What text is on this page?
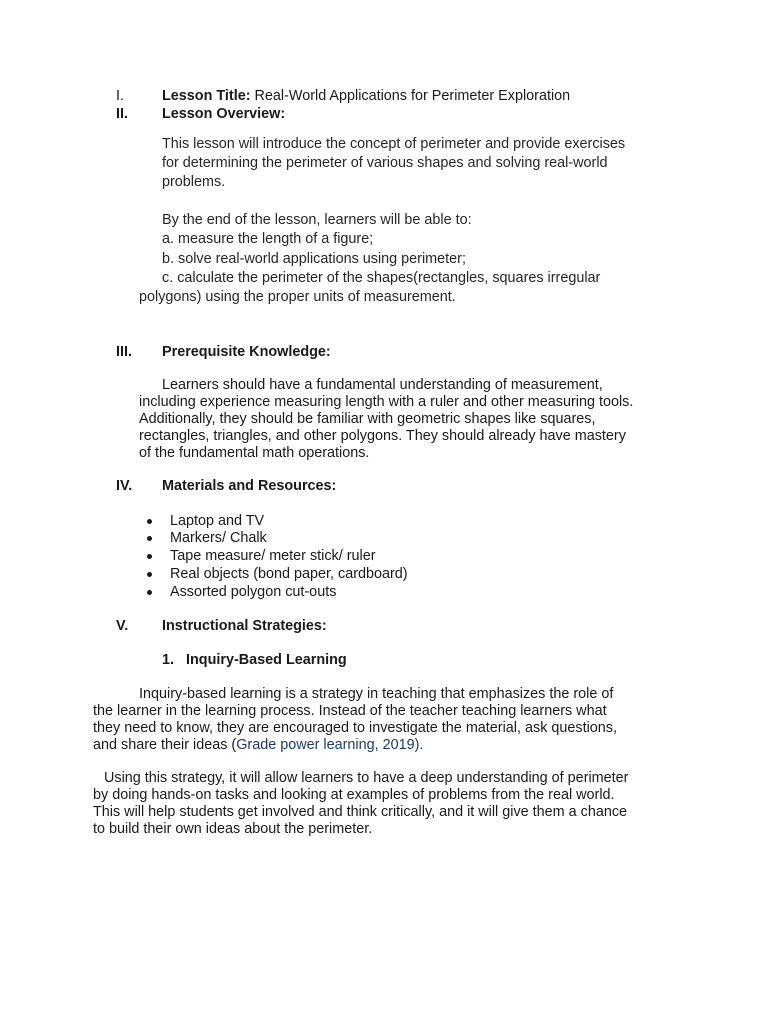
I.	Lesson Title: Real-World Applications for Perimeter Exploration
II. Lesson Overview:
This lesson will introduce the concept of perimeter and provide exercises
for determining the perimeter of various shapes and solving real-world
problems.
By the end of the lesson, learners will be able to:
a. measure the length of a figure;
b. solve real-world applications using perimeter;
c. calculate the perimeter of the shapes(rectangles, squares irregular
polygons) using the proper units of measurement.
III. Prerequisite Knowledge:
Learners should have a fundamental understanding of measurement,
including experience measuring length with a ruler and other measuring tools.
Additionally, they should be familiar with geometric shapes like squares,
rectangles, triangles, and other polygons. They should already have mastery
of the fundamental math operations.
IV. Materials and Resources:
Laptop and TV
Markers/ Chalk
Tape measure/ meter stick/ ruler
Real objects (bond paper, cardboard)
Assorted polygon cut-outs
V. Instructional Strategies:
1. Inquiry-Based Learning
Inquiry-based learning is a strategy in teaching that emphasizes the role of
the learner in the learning process. Instead of the teacher teaching learners what
they need to know, they are encouraged to investigate the material, ask questions,
and share their ideas (Grade power learning, 2019).
Using this strategy, it will allow learners to have a deep understanding of perimeter
by doing hands-on tasks and looking at examples of problems from the real world.
This will help students get involved and think critically, and it will give them a chance
to build their own ideas about the perimeter.
